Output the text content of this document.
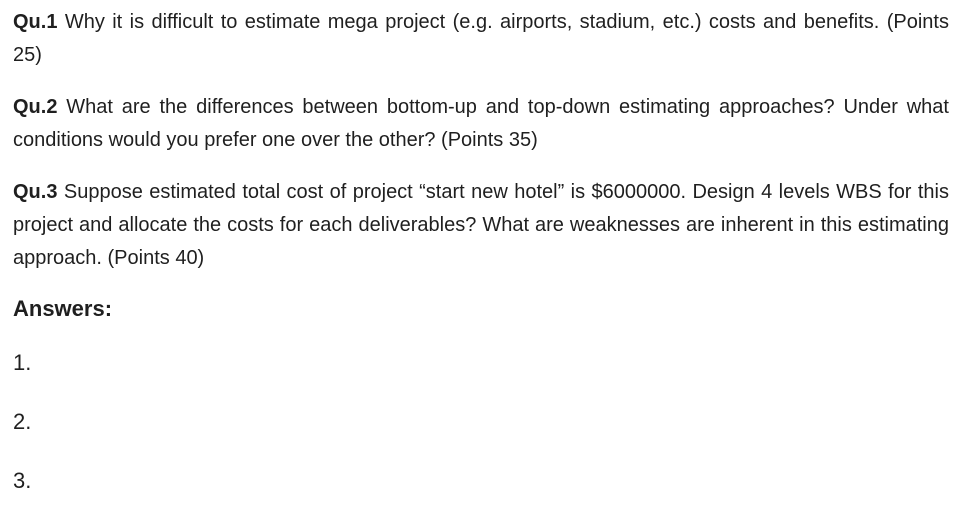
Qu.1 Why it is difficult to estimate mega project (e.g. airports, stadium, etc.) costs and benefits. (Points 25)

Qu.2 What are the differences between bottom-up and top-down estimating approaches? Under what conditions would you prefer one over the other? (Points 35)

Qu.3 Suppose estimated total cost of project “start new hotel” is $6000000. Design 4 levels WBS for this project and allocate the costs for each deliverables? What are weaknesses are inherent in this estimating approach. (Points 40)

Answers:
1.
2.
3.
